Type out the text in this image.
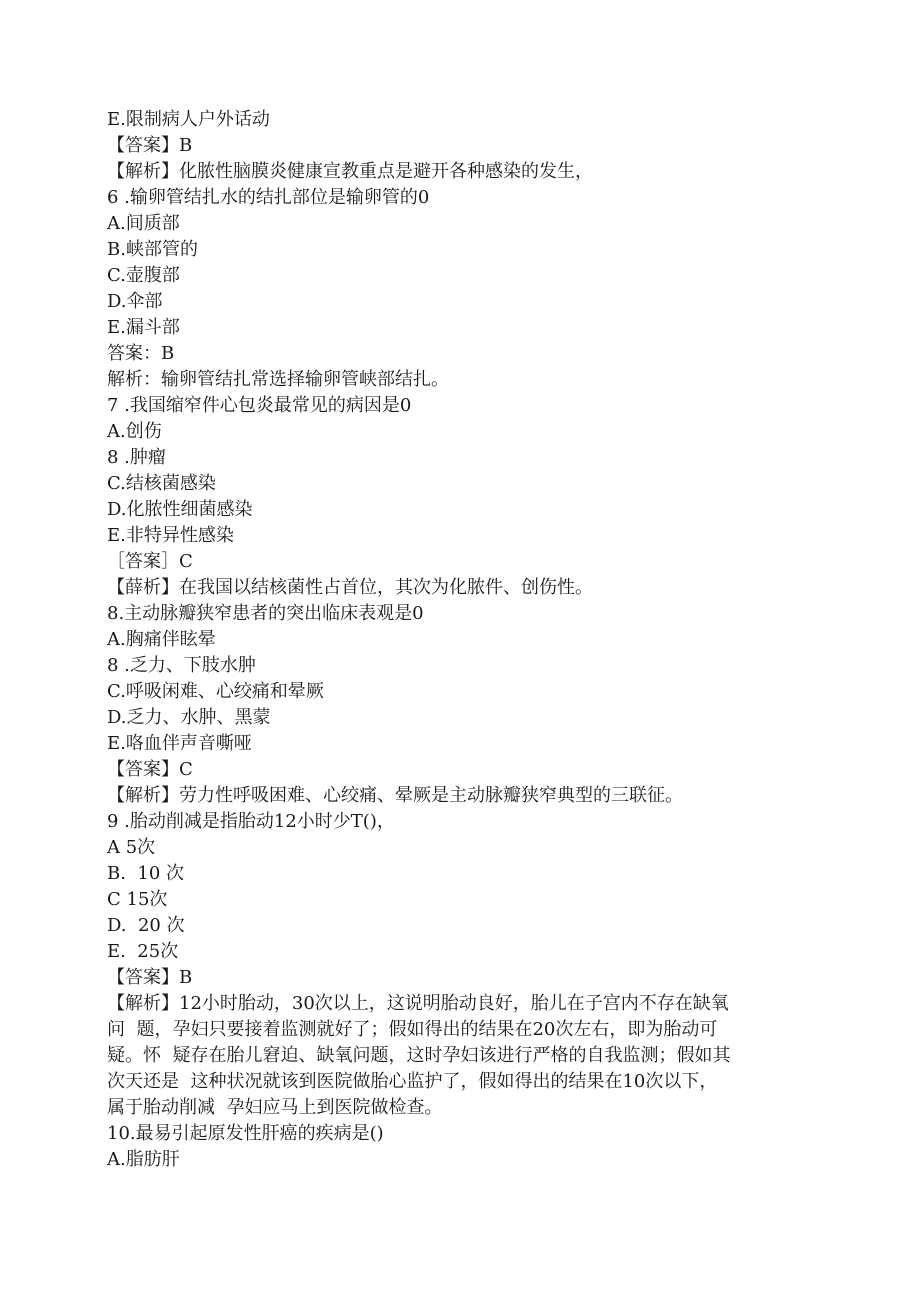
E.限制病人户外话动
【答案】B
【解析】化脓性脑膜炎健康宣教重点是避开各种感染的发生，
6 .输卵管结扎水的结扎部位是输卵管的0
A.间质部
B.峡部管的
C.壶腹部
D.伞部
E.漏斗部
答案：B
解析：输卵管结扎常选择输卵管峡部结扎。
7 .我国缩窄件心包炎最常见的病因是0
A.创伤
8 .肿瘤
C.结核菌感染
D.化脓性细菌感染
E.非特异性感染
［答案］C
【薛析】在我国以结核菌性占首位，其次为化脓件、创伤性。
8.主动脉瓣狭窄患者的突出临床表观是0
A.胸痛伴眩晕
8 .乏力、下肢水肿
C.呼吸闲难、心绞痛和晕厥
D.乏力、水肿、黑蒙
E.咯血伴声音嘶哑
【答案】C
【解析】劳力性呼吸困难、心绞痛、晕厥是主动脉瓣狭窄典型的三联征。
9 .胎动削减是指胎动12小时少T()，
A 5次
B.  10 次
C 15次
D.  20 次
E.  25次
【答案】B
【解析】12小时胎动，30次以上，这说明胎动良好，胎儿在子宫内不存在缺氧
问  题，孕妇只要接着监测就好了；假如得出的结果在20次左右，即为胎动可
疑。怀  疑存在胎儿窘迫、缺氧问题，这时孕妇该进行严格的自我监测；假如其
次天还是  这种状况就该到医院做胎心监护了，假如得出的结果在10次以下，
属于胎动削减  孕妇应马上到医院做检查。
10.最易引起原发性肝癌的疾病是()
A.脂肪肝
